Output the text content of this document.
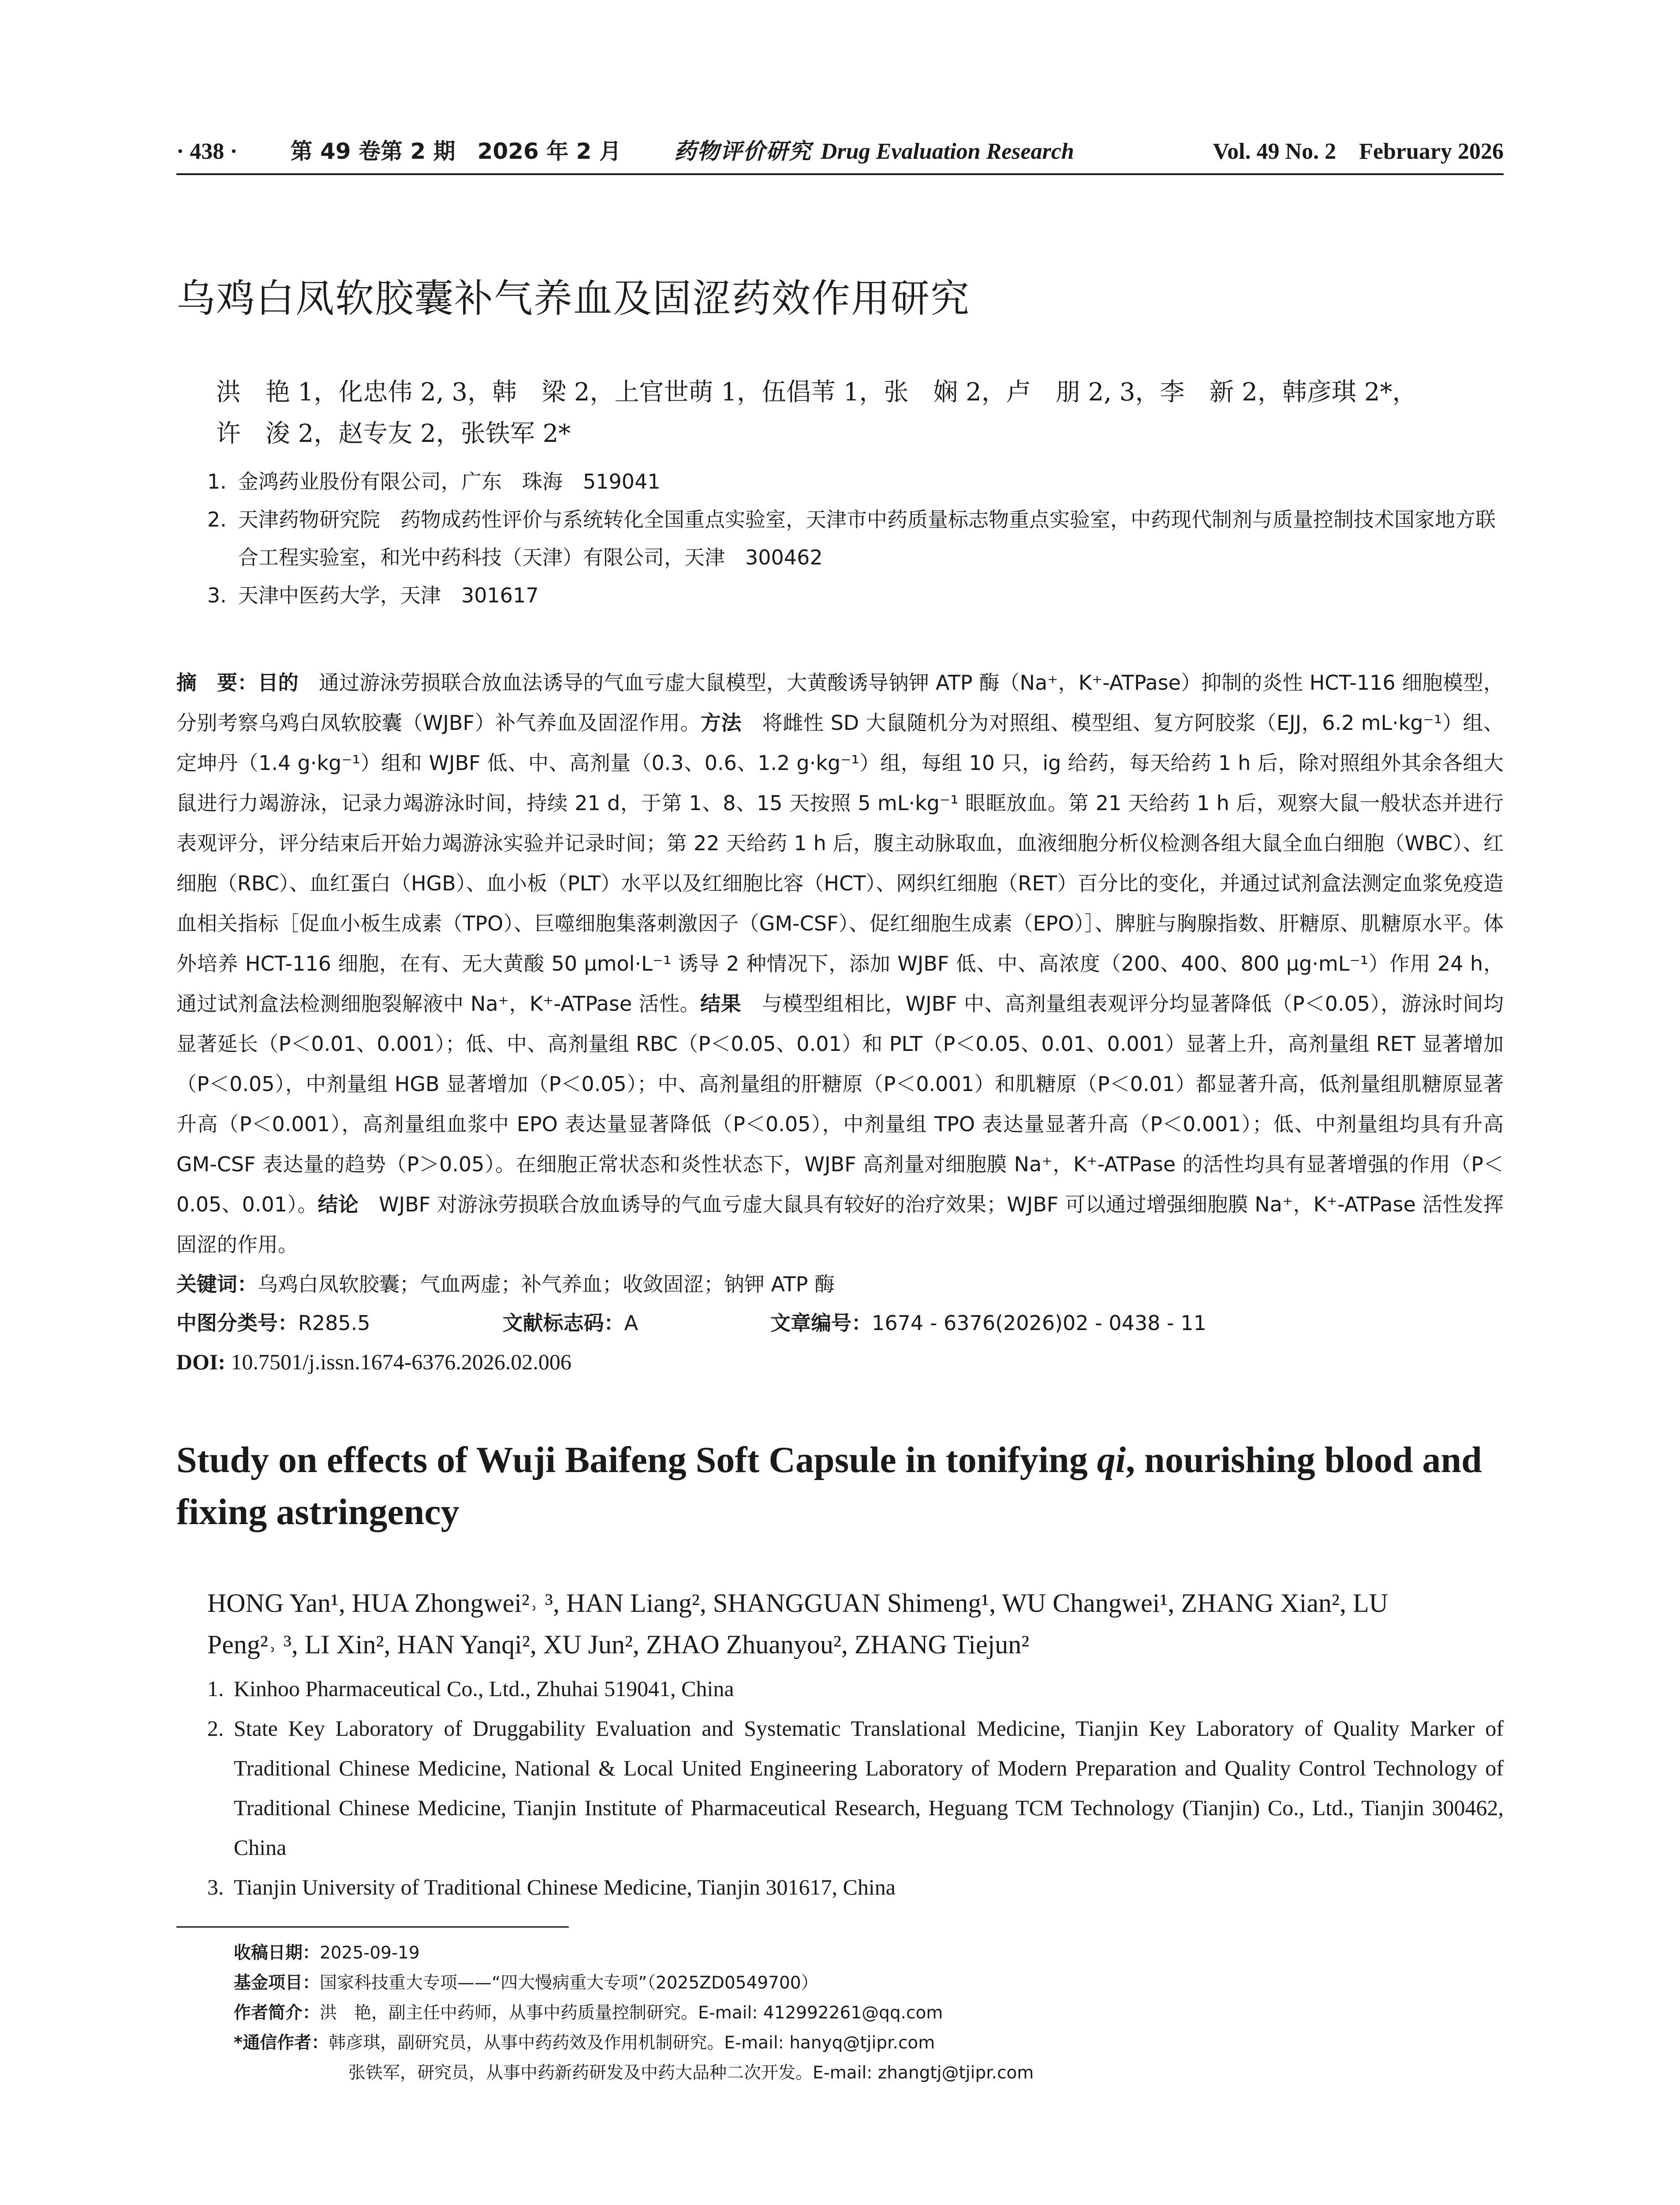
· 438 · 第 49 卷第 2 期　2026 年 2 月 药物评价研究 Drug Evaluation Research	Vol. 49 No. 2　February 2026
乌鸡白凤软胶囊补气养血及固涩药效作用研究
洪　艳 1，化忠伟 2, 3，韩　梁 2，上官世萌 1，伍倡苇 1，张　娴 2，卢　朋 2, 3，李　新 2，韩彦琪 2*，
许　浚 2，赵专友 2，张铁军 2*
1. 金鸿药业股份有限公司，广东　珠海　519041
2. 天津药物研究院　药物成药性评价与系统转化全国重点实验室，天津市中药质量标志物重点实验室，中药现代制剂与质量控制技术国家地方联合工程实验室，和光中药科技（天津）有限公司，天津　300462
3. 天津中医药大学，天津　301617
摘　要：目的　通过游泳劳损联合放血法诱导的气血亏虚大鼠模型，大黄酸诱导钠钾 ATP 酶（Na⁺，K⁺-ATPase）抑制的炎性 HCT-116 细胞模型，分别考察乌鸡白凤软胶囊（WJBF）补气养血及固涩作用。方法　将雌性 SD 大鼠随机分为对照组、模型组、复方阿胶浆（EJJ，6.2 mL·kg⁻¹）组、定坤丹（1.4 g·kg⁻¹）组和 WJBF 低、中、高剂量（0.3、0.6、1.2 g·kg⁻¹）组，每组 10 只，ig 给药，每天给药 1 h 后，除对照组外其余各组大鼠进行力竭游泳，记录力竭游泳时间，持续 21 d，于第 1、8、15 天按照 5 mL·kg⁻¹ 眼眶放血。第 21 天给药 1 h 后，观察大鼠一般状态并进行表观评分，评分结束后开始力竭游泳实验并记录时间；第 22 天给药 1 h 后，腹主动脉取血，血液细胞分析仪检测各组大鼠全血白细胞（WBC）、红细胞（RBC）、血红蛋白（HGB）、血小板（PLT）水平以及红细胞比容（HCT）、网织红细胞（RET）百分比的变化，并通过试剂盒法测定血浆免疫造血相关指标［促血小板生成素（TPO）、巨噬细胞集落刺激因子（GM-CSF）、促红细胞生成素（EPO）］、脾脏与胸腺指数、肝糖原、肌糖原水平。体外培养 HCT-116 细胞，在有、无大黄酸 50 μmol·L⁻¹ 诱导 2 种情况下，添加 WJBF 低、中、高浓度（200、400、800 μg·mL⁻¹）作用 24 h，通过试剂盒法检测细胞裂解液中 Na⁺，K⁺-ATPase 活性。结果　与模型组相比，WJBF 中、高剂量组表观评分均显著降低（P＜0.05），游泳时间均显著延长（P＜0.01、0.001）；低、中、高剂量组 RBC（P＜0.05、0.01）和 PLT（P＜0.05、0.01、0.001）显著上升，高剂量组 RET 显著增加（P＜0.05），中剂量组 HGB 显著增加（P＜0.05）；中、高剂量组的肝糖原（P＜0.001）和肌糖原（P＜0.01）都显著升高，低剂量组肌糖原显著升高（P＜0.001），高剂量组血浆中 EPO 表达量显著降低（P＜0.05），中剂量组 TPO 表达量显著升高（P＜0.001）；低、中剂量组均具有升高 GM-CSF 表达量的趋势（P＞0.05）。在细胞正常状态和炎性状态下，WJBF 高剂量对细胞膜 Na⁺，K⁺-ATPase 的活性均具有显著增强的作用（P＜0.05、0.01）。结论　WJBF 对游泳劳损联合放血诱导的气血亏虚大鼠具有较好的治疗效果；WJBF 可以通过增强细胞膜 Na⁺，K⁺-ATPase 活性发挥固涩的作用。
关键词：乌鸡白凤软胶囊；气血两虚；补气养血；收敛固涩；钠钾 ATP 酶
中图分类号：R285.5	文献标志码：A	文章编号：1674 - 6376(2026)02 - 0438 - 11
DOI: 10.7501/j.issn.1674-6376.2026.02.006
Study on effects of Wuji Baifeng Soft Capsule in tonifying qi, nourishing blood and fixing astringency
HONG Yan¹, HUA Zhongwei²˒ ³, HAN Liang², SHANGGUAN Shimeng¹, WU Changwei¹, ZHANG Xian², LU
Peng²˒ ³, LI Xin², HAN Yanqi², XU Jun², ZHAO Zhuanyou², ZHANG Tiejun²
1. Kinhoo Pharmaceutical Co., Ltd., Zhuhai 519041, China
2. State Key Laboratory of Druggability Evaluation and Systematic Translational Medicine, Tianjin Key Laboratory of Quality Marker of Traditional Chinese Medicine, National & Local United Engineering Laboratory of Modern Preparation and Quality Control Technology of Traditional Chinese Medicine, Tianjin Institute of Pharmaceutical Research, Heguang TCM Technology (Tianjin) Co., Ltd., Tianjin 300462, China
3. Tianjin University of Traditional Chinese Medicine, Tianjin 301617, China
收稿日期：2025-09-19
基金项目：国家科技重大专项——“四大慢病重大专项”（2025ZD0549700）
作者简介：洪　艳，副主任中药师，从事中药质量控制研究。E-mail: 412992261@qq.com
*通信作者：韩彦琪，副研究员，从事中药药效及作用机制研究。E-mail: hanyq@tjipr.com
张铁军，研究员，从事中药新药研发及中药大品种二次开发。E-mail: zhangtj@tjipr.com
